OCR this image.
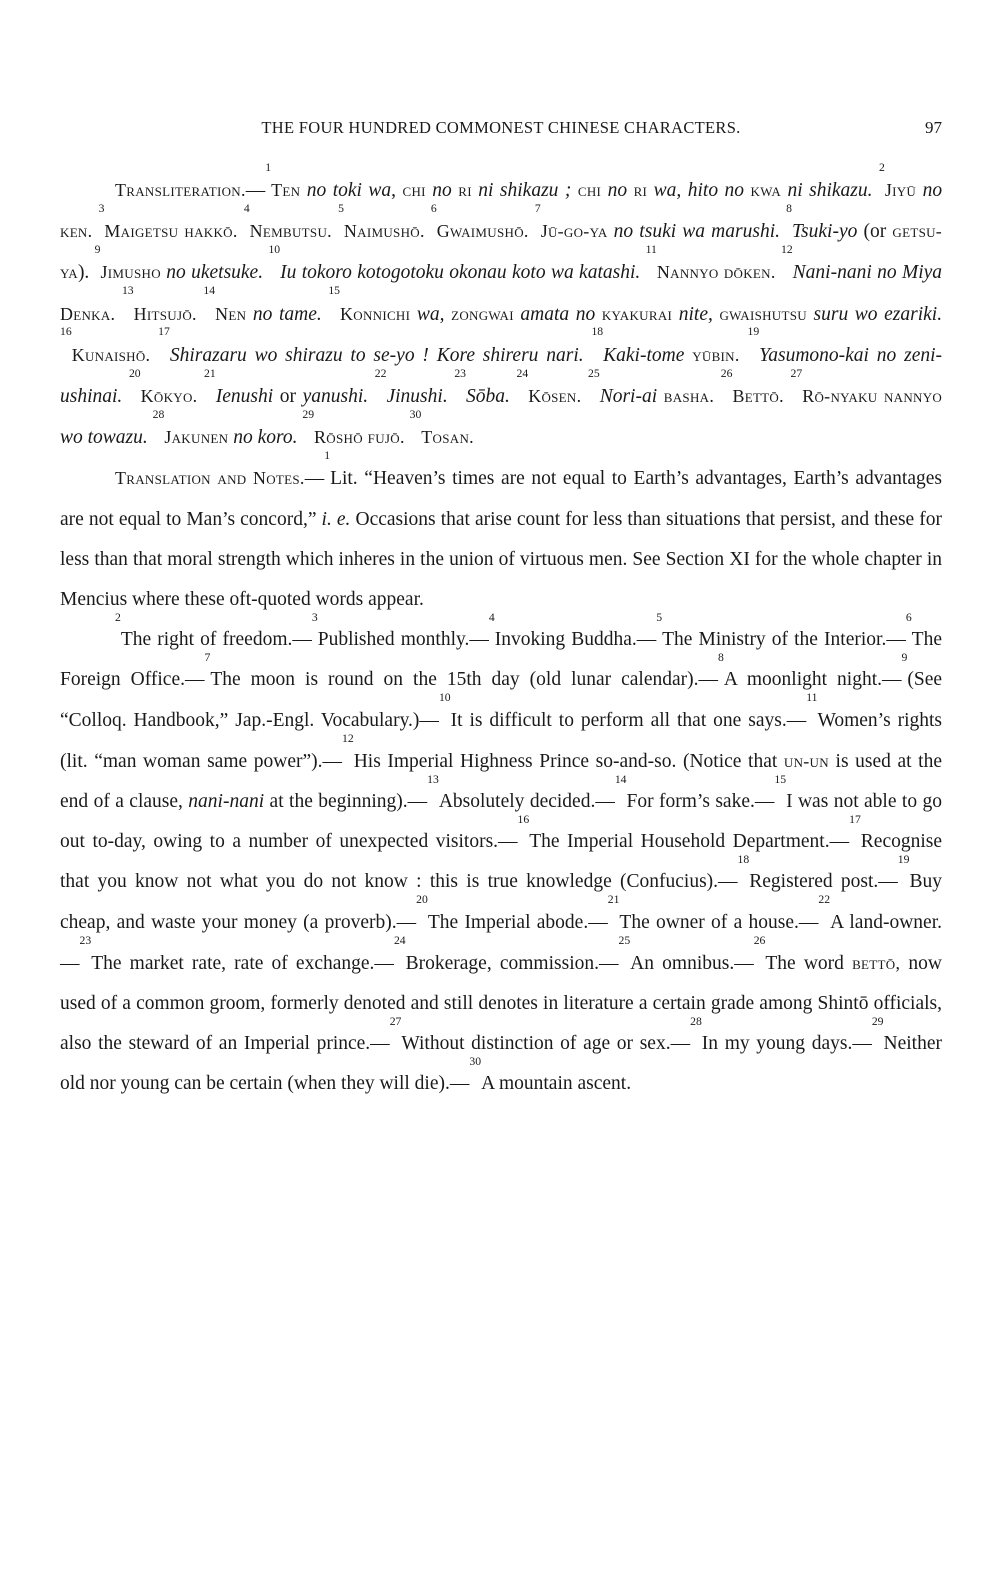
THE FOUR HUNDRED COMMONEST CHINESE CHARACTERS.	97

Transliteration.—$^1$Ten no toki wa, chi no ri ni shikazu ; chi no ri wa, hito no kwa ni shikazu. $^2$Jiyū no ken. $^3$Maigetsu hakkō. $^4$Nembutsu. $^5$Naimushō. $^6$Gwaimushō. $^7$Jū-go-ya no tsuki wa marushi. $^8$Tsuki-yo (or getsu-ya). $^9$Jimusho no uketsuke. $^{10}$Iu tokoro kotogotoku okonau koto wa katashi. $^{11}$Nannyo dōken. $^{12}$Nani-nani no Miya Denka. $^{13}$Hitsujō. $^{14}$Nen no tame. $^{15}$Konnichi wa, zongwai amata no kyakurai nite, gwaishutsu suru wo ezariki. $^{16}$Kunaishō. $^{17}$Shirazaru wo shirazu to se-yo ! Kore shireru nari. $^{18}$Kaki-tome yūbin. $^{19}$Yasumono-kai no zeni-ushinai. $^{20}$Kōkyo. $^{21}$Ienushi or yanushi. $^{22}$Jinushi. $^{23}$Sōba. $^{24}$Kōsen. $^{25}$Nori-ai basha. $^{26}$Bettō. $^{27}$Rō-nyaku nannyo wo towazu. $^{28}$Jakunen no koro. $^{29}$Rōshō fujō. $^{30}$Tosan.

Translation and Notes.—$^1$Lit. “Heaven’s times are not equal to Earth’s advantages, Earth’s advantages are not equal to Man’s concord,” i. e. Occasions that arise count for less than situations that persist, and these for less than that moral strength which inheres in the union of virtuous men. See Section XI for the whole chapter in Mencius where these oft-quoted words appear.

$^2$The right of freedom.—$^3$Published monthly.—$^4$Invoking Buddha.—$^5$The Ministry of the Interior.—$^6$The Foreign Office.—$^7$The moon is round on the 15th day (old lunar calendar).—$^8$A moonlight night.—$^9$(See “Colloq. Handbook,” Jap.-Engl. Vocabulary.)—$^{10}$It is difficult to perform all that one says.—$^{11}$Women’s rights (lit. “man woman same power”).—$^{12}$His Imperial Highness Prince so-and-so. (Notice that un-un is used at the end of a clause, nani-nani at the beginning).—$^{13}$Absolutely decided.—$^{14}$For form’s sake.—$^{15}$I was not able to go out to-day, owing to a number of unexpected visitors.—$^{16}$The Imperial Household Department.—$^{17}$Recognise that you know not what you do not know : this is true knowledge (Confucius).—$^{18}$Registered post.—$^{19}$Buy cheap, and waste your money (a proverb).—$^{20}$The Imperial abode.—$^{21}$The owner of a house.—$^{22}$A land-owner.—$^{23}$The market rate, rate of exchange.—$^{24}$Brokerage, commission.—$^{25}$An omnibus.—$^{26}$The word bettō, now used of a common groom, formerly denoted and still denotes in literature a certain grade among Shintō officials, also the steward of an Imperial prince.—$^{27}$Without distinction of age or sex.—$^{28}$In my young days.—$^{29}$Neither old nor young can be certain (when they will die).—$^{30}$A mountain ascent.
